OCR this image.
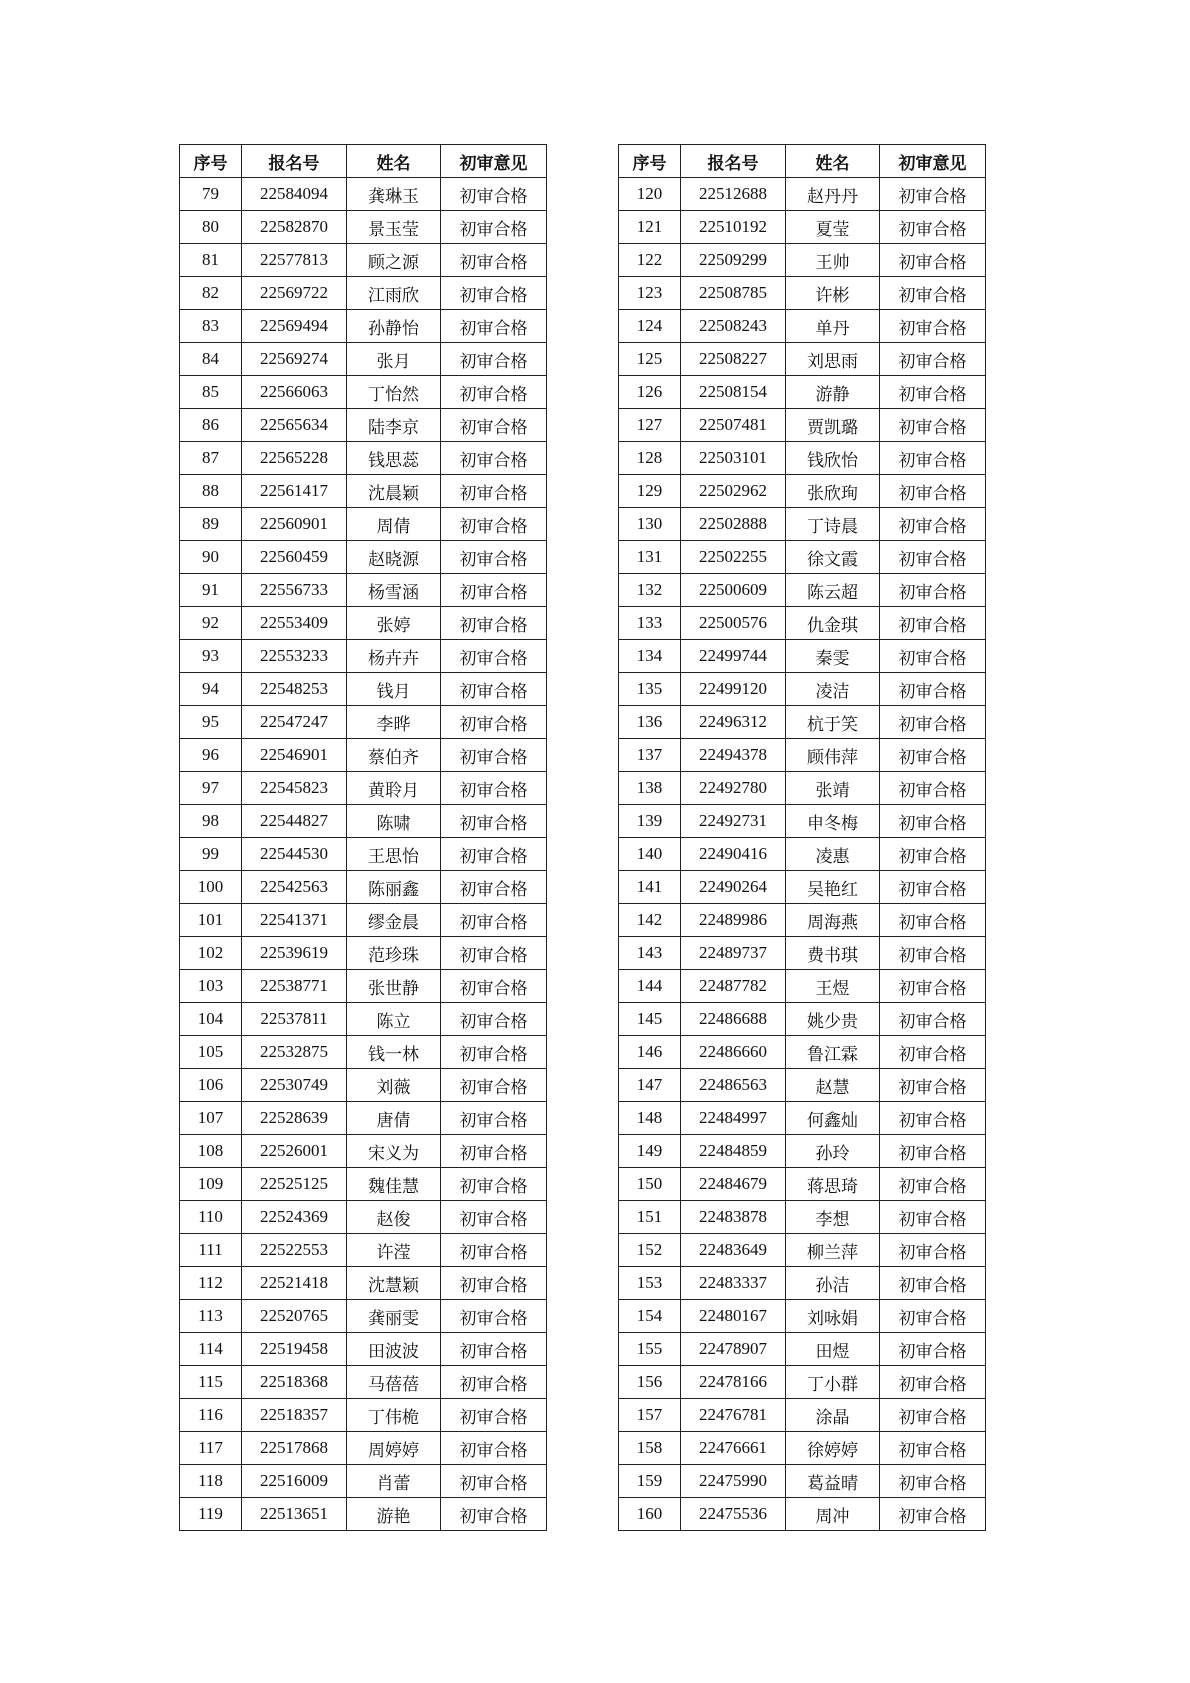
序号	报名号	姓名	初审意见
79	22584094	龚琳玉	初审合格
80	22582870	景玉莹	初审合格
81	22577813	顾之源	初审合格
82	22569722	江雨欣	初审合格
83	22569494	孙静怡	初审合格
84	22569274	张月	初审合格
85	22566063	丁怡然	初审合格
86	22565634	陆李京	初审合格
87	22565228	钱思蕊	初审合格
88	22561417	沈晨颖	初审合格
89	22560901	周倩	初审合格
90	22560459	赵晓源	初审合格
91	22556733	杨雪涵	初审合格
92	22553409	张婷	初审合格
93	22553233	杨卉卉	初审合格
94	22548253	钱月	初审合格
95	22547247	李晔	初审合格
96	22546901	蔡伯齐	初审合格
97	22545823	黄聆月	初审合格
98	22544827	陈啸	初审合格
99	22544530	王思怡	初审合格
100	22542563	陈丽鑫	初审合格
101	22541371	缪金晨	初审合格
102	22539619	范珍珠	初审合格
103	22538771	张世静	初审合格
104	22537811	陈立	初审合格
105	22532875	钱一林	初审合格
106	22530749	刘薇	初审合格
107	22528639	唐倩	初审合格
108	22526001	宋义为	初审合格
109	22525125	魏佳慧	初审合格
110	22524369	赵俊	初审合格
111	22522553	许滢	初审合格
112	22521418	沈慧颖	初审合格
113	22520765	龚丽雯	初审合格
114	22519458	田波波	初审合格
115	22518368	马蓓蓓	初审合格
116	22518357	丁伟桅	初审合格
117	22517868	周婷婷	初审合格
118	22516009	肖蕾	初审合格
119	22513651	游艳	初审合格
序号	报名号	姓名	初审意见
120	22512688	赵丹丹	初审合格
121	22510192	夏莹	初审合格
122	22509299	王帅	初审合格
123	22508785	许彬	初审合格
124	22508243	单丹	初审合格
125	22508227	刘思雨	初审合格
126	22508154	游静	初审合格
127	22507481	贾凯璐	初审合格
128	22503101	钱欣怡	初审合格
129	22502962	张欣珣	初审合格
130	22502888	丁诗晨	初审合格
131	22502255	徐文霞	初审合格
132	22500609	陈云超	初审合格
133	22500576	仇金琪	初审合格
134	22499744	秦雯	初审合格
135	22499120	凌洁	初审合格
136	22496312	杭于笑	初审合格
137	22494378	顾伟萍	初审合格
138	22492780	张靖	初审合格
139	22492731	申冬梅	初审合格
140	22490416	凌惠	初审合格
141	22490264	吴艳红	初审合格
142	22489986	周海燕	初审合格
143	22489737	费书琪	初审合格
144	22487782	王煜	初审合格
145	22486688	姚少贵	初审合格
146	22486660	鲁江霖	初审合格
147	22486563	赵慧	初审合格
148	22484997	何鑫灿	初审合格
149	22484859	孙玲	初审合格
150	22484679	蒋思琦	初审合格
151	22483878	李想	初审合格
152	22483649	柳兰萍	初审合格
153	22483337	孙洁	初审合格
154	22480167	刘咏娟	初审合格
155	22478907	田煜	初审合格
156	22478166	丁小群	初审合格
157	22476781	涂晶	初审合格
158	22476661	徐婷婷	初审合格
159	22475990	葛益晴	初审合格
160	22475536	周冲	初审合格
